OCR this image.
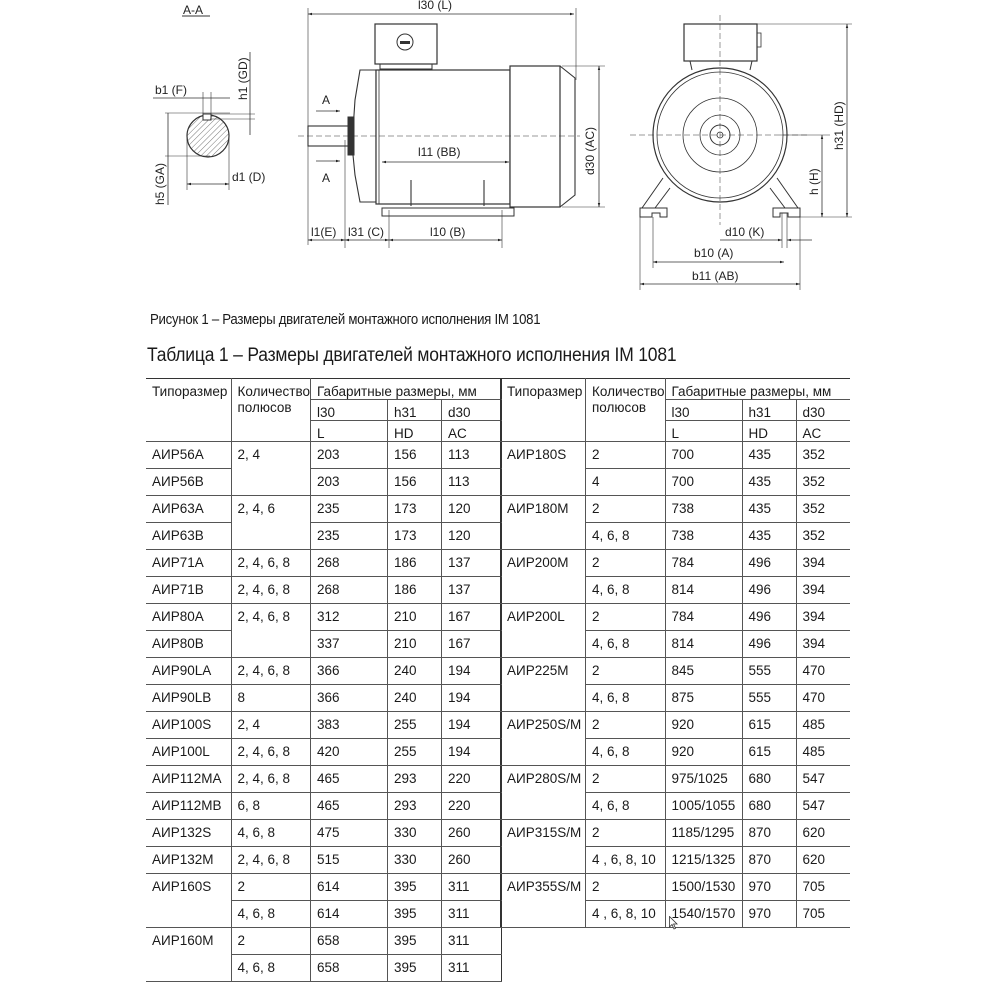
A-A
b1 (F)	h1 (GD)
h5 (GA)	d1 (D)
l30 (L)
A
A
l11 (BB)	d30 (AC)
l1(E) l31 (C)	l10 (B)
h31 (HD)
h (H)
d10 (K)
b10 (A)
b11 (AB)
Рисунок 1 – Размеры двигателей монтажного исполнения IM 1081
Таблица 1 – Размеры двигателей монтажного исполнения IM 1081
Типоразмер	Количество полюсов	Габаритные размеры, мм		
		l30	h31	d30
		L	HD	AC
АИР56А	2, 4	203	156	113
АИР56В		203	156	113
АИР63А	2, 4, 6	235	173	120
АИР63В		235	173	120
АИР71А	2, 4, 6, 8	268	186	137
АИР71В	2, 4, 6, 8	268	186	137
АИР80А	2, 4, 6, 8	312	210	167
АИР80В		337	210	167
АИР90LA	2, 4, 6, 8	366	240	194
АИР90LB	8	366	240	194
АИР100S	2, 4	383	255	194
АИР100L	2, 4, 6, 8	420	255	194
АИР112МА	2, 4, 6, 8	465	293	220
АИР112МВ	6, 8	465	293	220
АИР132S	4, 6, 8	475	330	260
АИР132М	2, 4, 6, 8	515	330	260
АИР160S	2	614	395	311
	4, 6, 8	614	395	311
АИР160М	2	658	395	311
	4, 6, 8	658	395	311
Типоразмер	Количество полюсов	Габаритные размеры, мм		
		l30	h31	d30
		L	HD	AC
АИР180S	2	700	435	352
	4	700	435	352
АИР180М	2	738	435	352
	4, 6, 8	738	435	352
АИР200М	2	784	496	394
	4, 6, 8	814	496	394
АИР200L	2	784	496	394
	4, 6, 8	814	496	394
АИР225М	2	845	555	470
	4, 6, 8	875	555	470
АИР250S/M	2	920	615	485
	4, 6, 8	920	615	485
АИР280S/M	2	975/1025	680	547
	4, 6, 8	1005/1055	680	547
АИР315S/M	2	1185/1295	870	620
	4 , 6, 8, 10	1215/1325	870	620
АИР355S/M	2	1500/1530	970	705
	4 , 6, 8, 10	1540/1570	970	705
